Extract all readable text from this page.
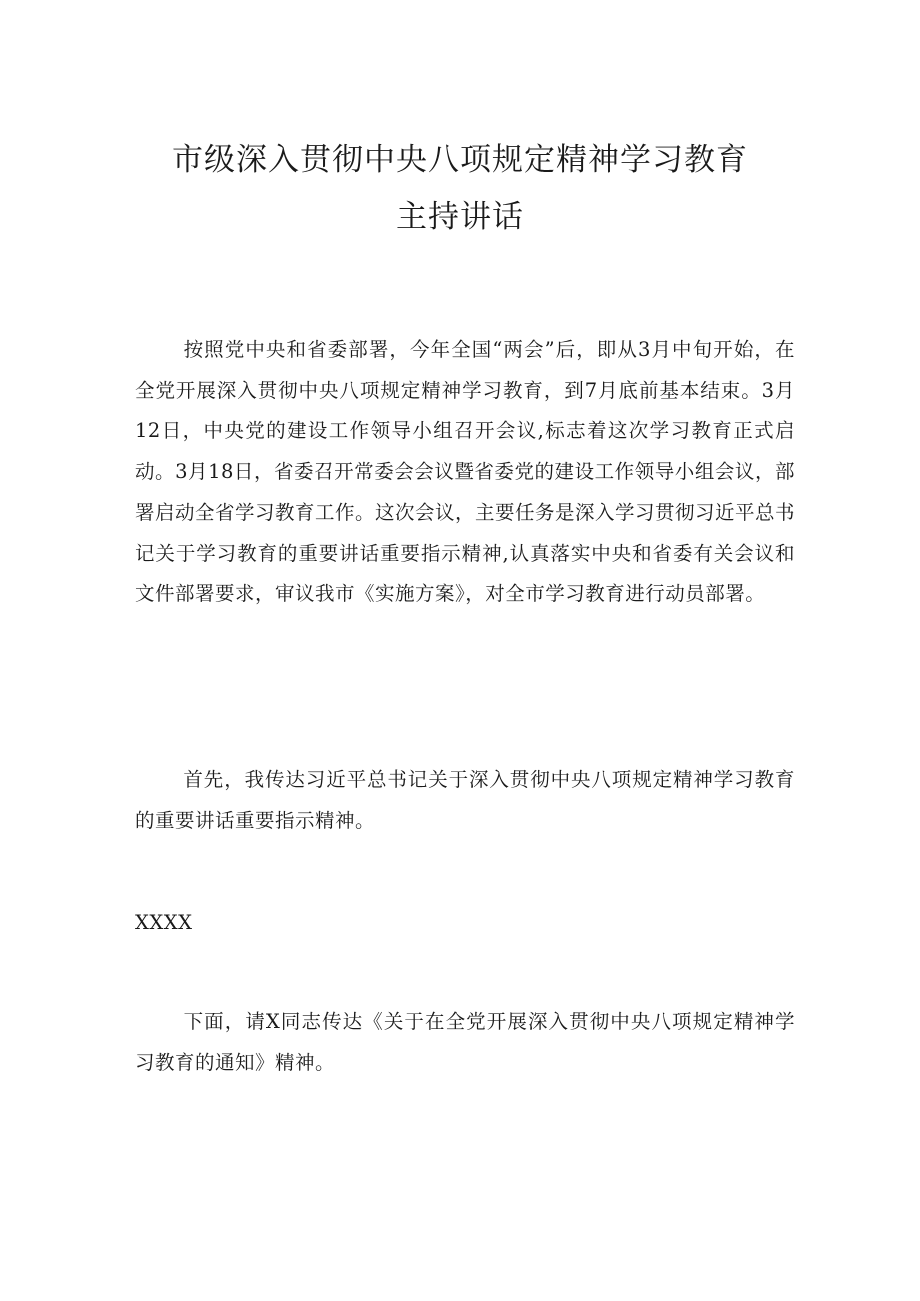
市级深入贯彻中央八项规定精神学习教育
主持讲话
按照党中央和省委部署，今年全国“两会”后，即从3月中旬开始，在全党开展深入贯彻中央八项规定精神学习教育，到7月底前基本结束。3月12日，中央党的建设工作领导小组召开会议,标志着这次学习教育正式启动。3月18日，省委召开常委会会议暨省委党的建设工作领导小组会议，部署启动全省学习教育工作。这次会议，主要任务是深入学习贯彻习近平总书记关于学习教育的重要讲话重要指示精神,认真落实中央和省委有关会议和文件部署要求，审议我市《实施方案》，对全市学习教育进行动员部署。
首先，我传达习近平总书记关于深入贯彻中央八项规定精神学习教育的重要讲话重要指示精神。
XXXX
下面，请X同志传达《关于在全党开展深入贯彻中央八项规定精神学习教育的通知》精神。
